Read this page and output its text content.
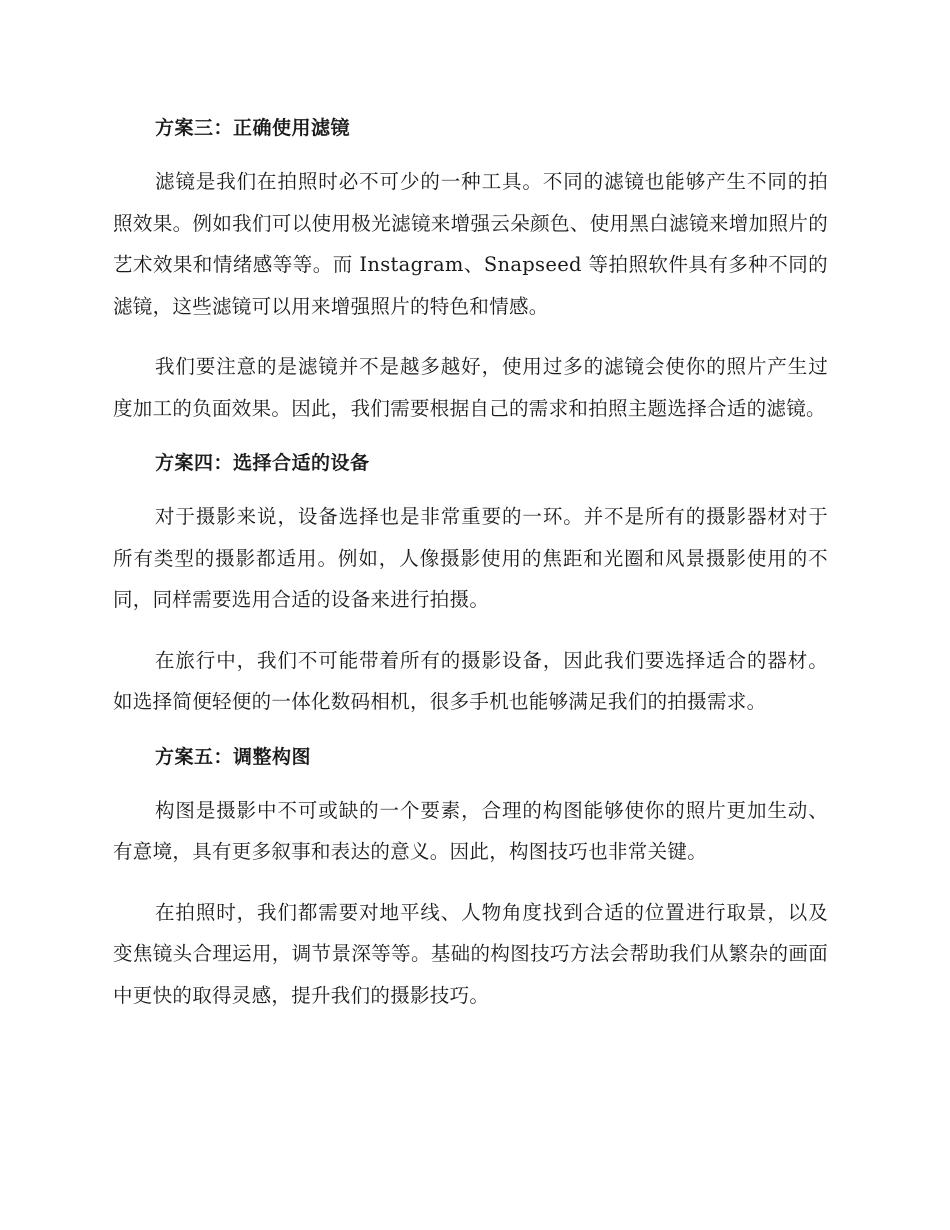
方案三：正确使用滤镜

滤镜是我们在拍照时必不可少的一种工具。不同的滤镜也能够产生不同的拍照效果。例如我们可以使用极光滤镜来增强云朵颜色、使用黑白滤镜来增加照片的艺术效果和情绪感等等。而 Instagram、Snapseed 等拍照软件具有多种不同的滤镜，这些滤镜可以用来增强照片的特色和情感。

我们要注意的是滤镜并不是越多越好，使用过多的滤镜会使你的照片产生过度加工的负面效果。因此，我们需要根据自己的需求和拍照主题选择合适的滤镜。

方案四：选择合适的设备

对于摄影来说，设备选择也是非常重要的一环。并不是所有的摄影器材对于所有类型的摄影都适用。例如，人像摄影使用的焦距和光圈和风景摄影使用的不同，同样需要选用合适的设备来进行拍摄。

在旅行中，我们不可能带着所有的摄影设备，因此我们要选择适合的器材。如选择简便轻便的一体化数码相机，很多手机也能够满足我们的拍摄需求。

方案五：调整构图

构图是摄影中不可或缺的一个要素，合理的构图能够使你的照片更加生动、有意境，具有更多叙事和表达的意义。因此，构图技巧也非常关键。

在拍照时，我们都需要对地平线、人物角度找到合适的位置进行取景，以及变焦镜头合理运用，调节景深等等。基础的构图技巧方法会帮助我们从繁杂的画面中更快的取得灵感，提升我们的摄影技巧。
